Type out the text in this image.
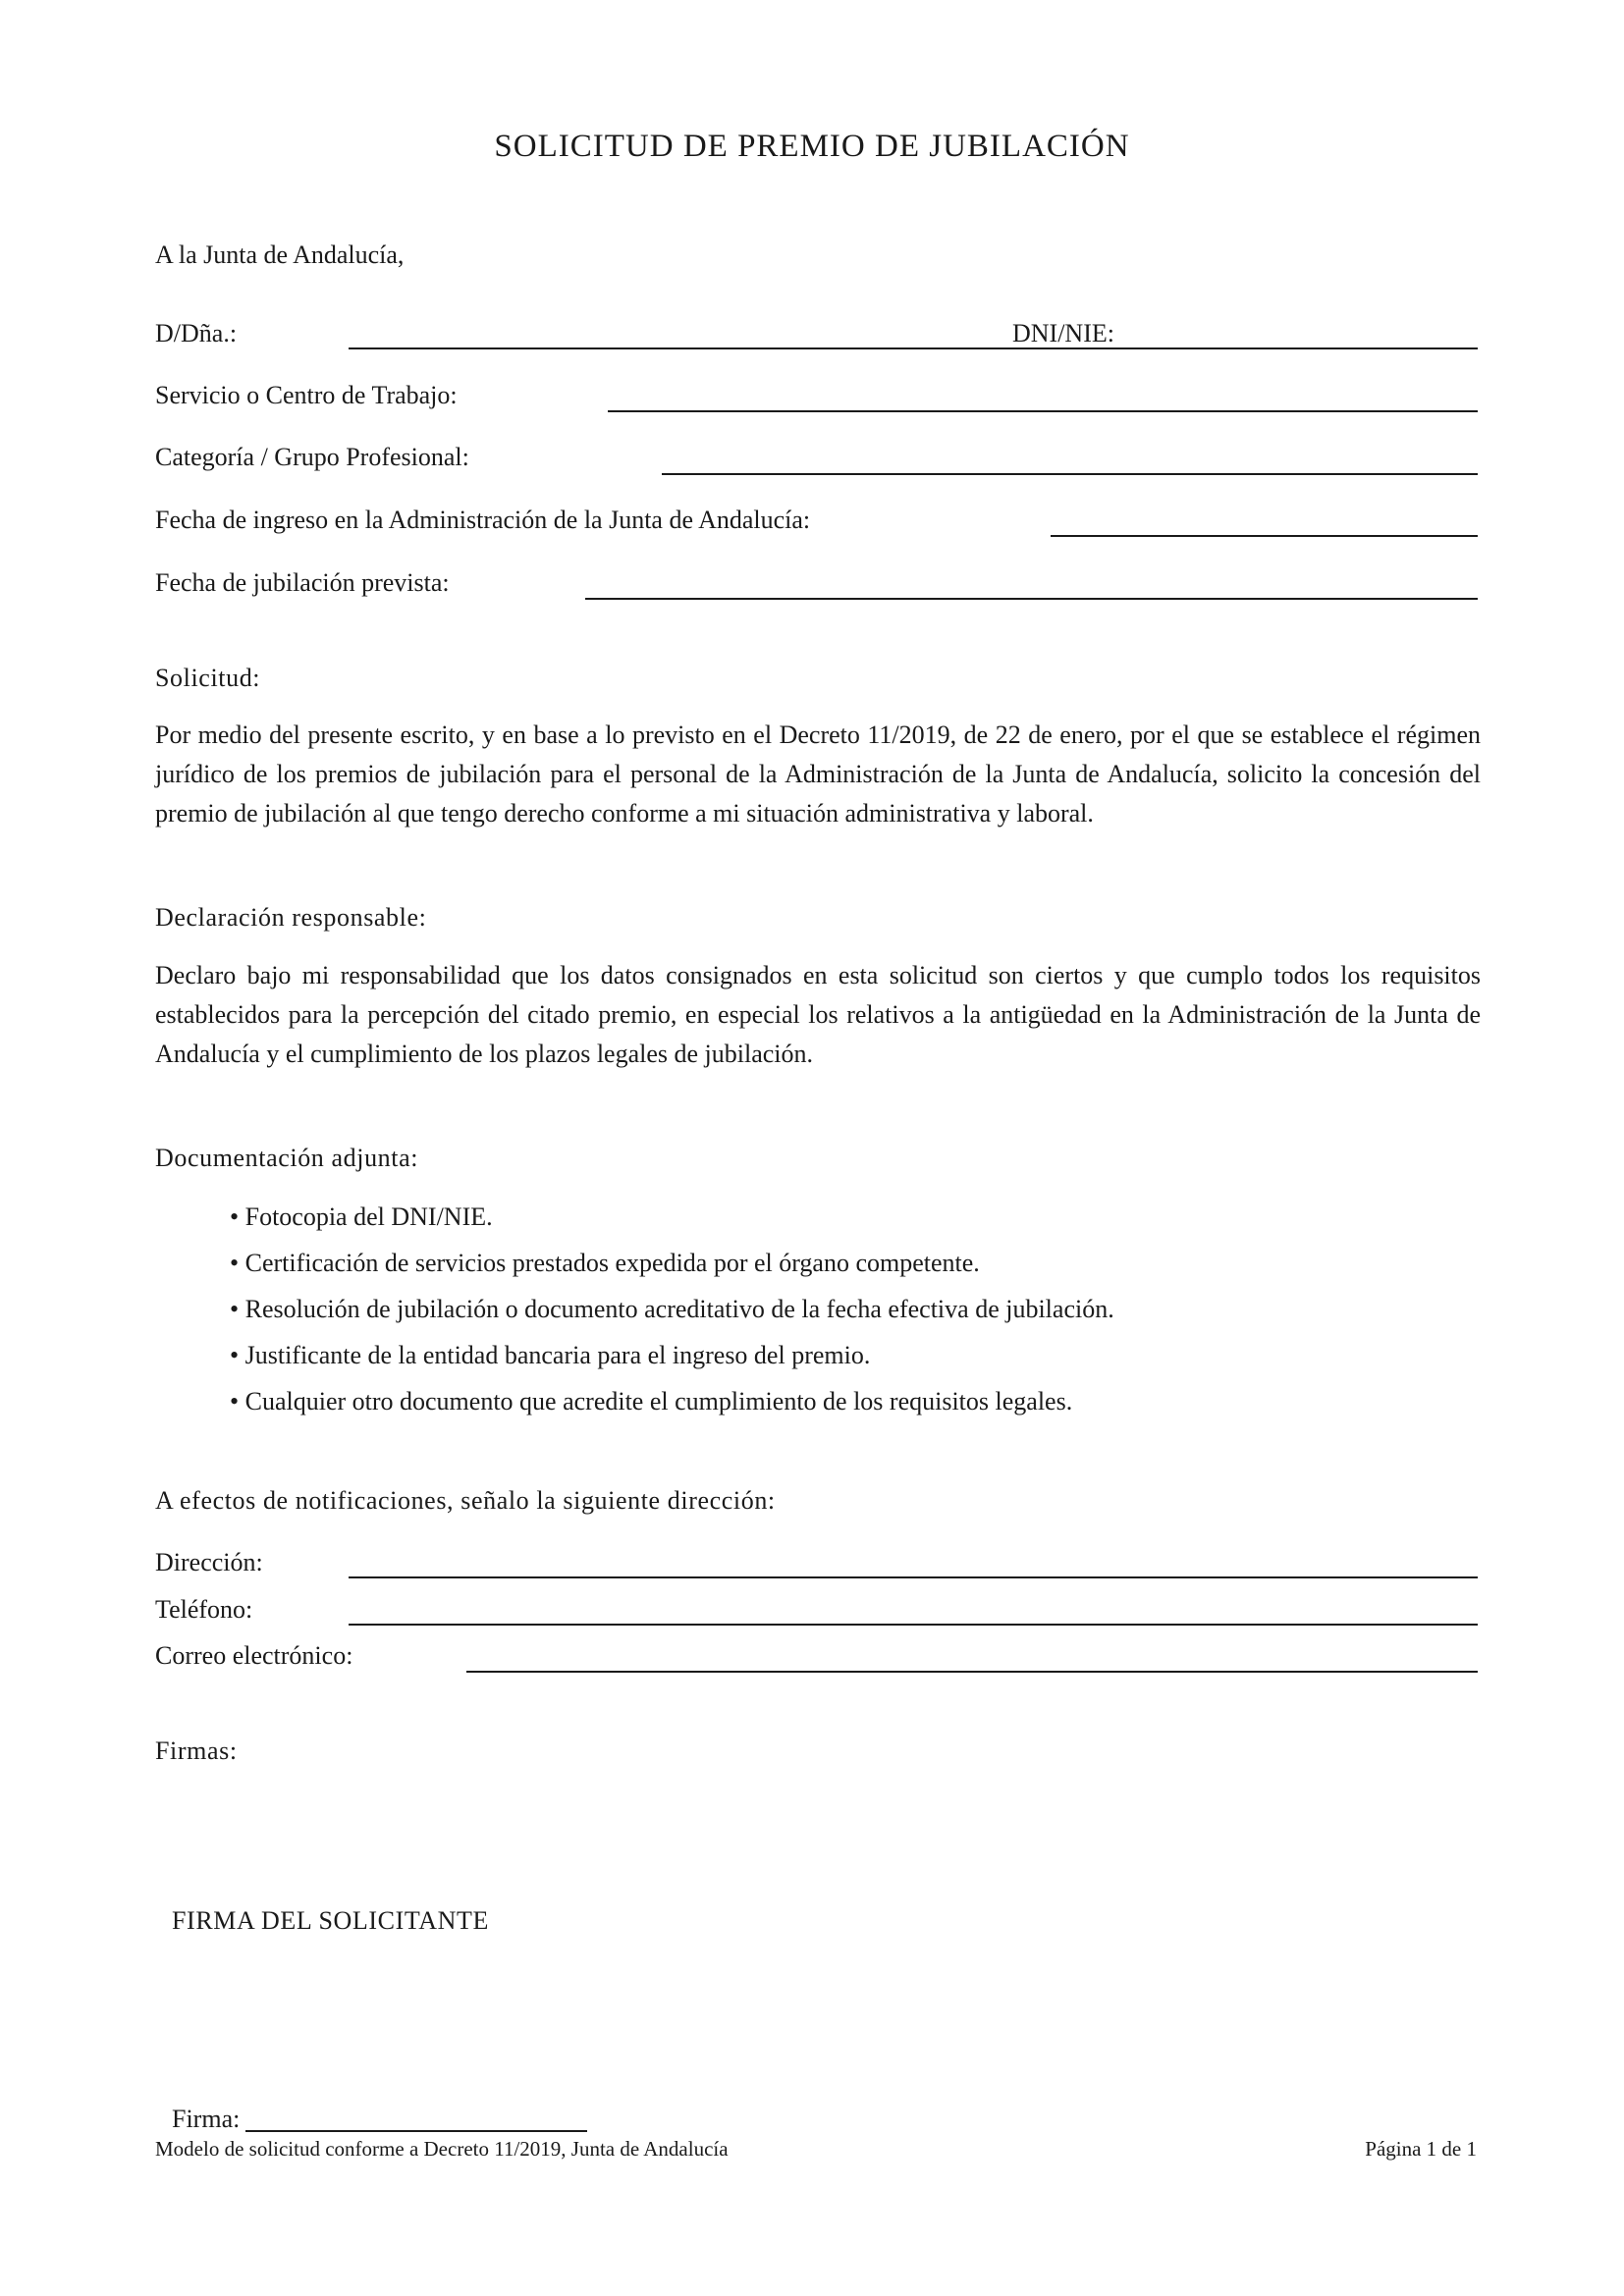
SOLICITUD DE PREMIO DE JUBILACIÓN
A la Junta de Andalucía,
D/Dña.:	DNI/NIE:
Servicio o Centro de Trabajo:
Categoría / Grupo Profesional:
Fecha de ingreso en la Administración de la Junta de Andalucía:
Fecha de jubilación prevista:
Solicitud:
Por medio del presente escrito, y en base a lo previsto en el Decreto 11/2019, de 22 de enero, por el que se establece el régimen jurídico de los premios de jubilación para el personal de la Administración de la Junta de Andalucía, solicito la concesión del premio de jubilación al que tengo derecho conforme a mi situación administrativa y laboral.
Declaración responsable:
Declaro bajo mi responsabilidad que los datos consignados en esta solicitud son ciertos y que cumplo todos los requisitos establecidos para la percepción del citado premio, en especial los relativos a la antigüedad en la Administración de la Junta de Andalucía y el cumplimiento de los plazos legales de jubilación.
Documentación adjunta:
• Fotocopia del DNI/NIE.
• Certificación de servicios prestados expedida por el órgano competente.
• Resolución de jubilación o documento acreditativo de la fecha efectiva de jubilación.
• Justificante de la entidad bancaria para el ingreso del premio.
• Cualquier otro documento que acredite el cumplimiento de los requisitos legales.
A efectos de notificaciones, señalo la siguiente dirección:
Dirección:
Teléfono:
Correo electrónico:
Firmas:
FIRMA DEL SOLICITANTE
Firma:
Modelo de solicitud conforme a Decreto 11/2019, Junta de Andalucía	Página 1 de 1
